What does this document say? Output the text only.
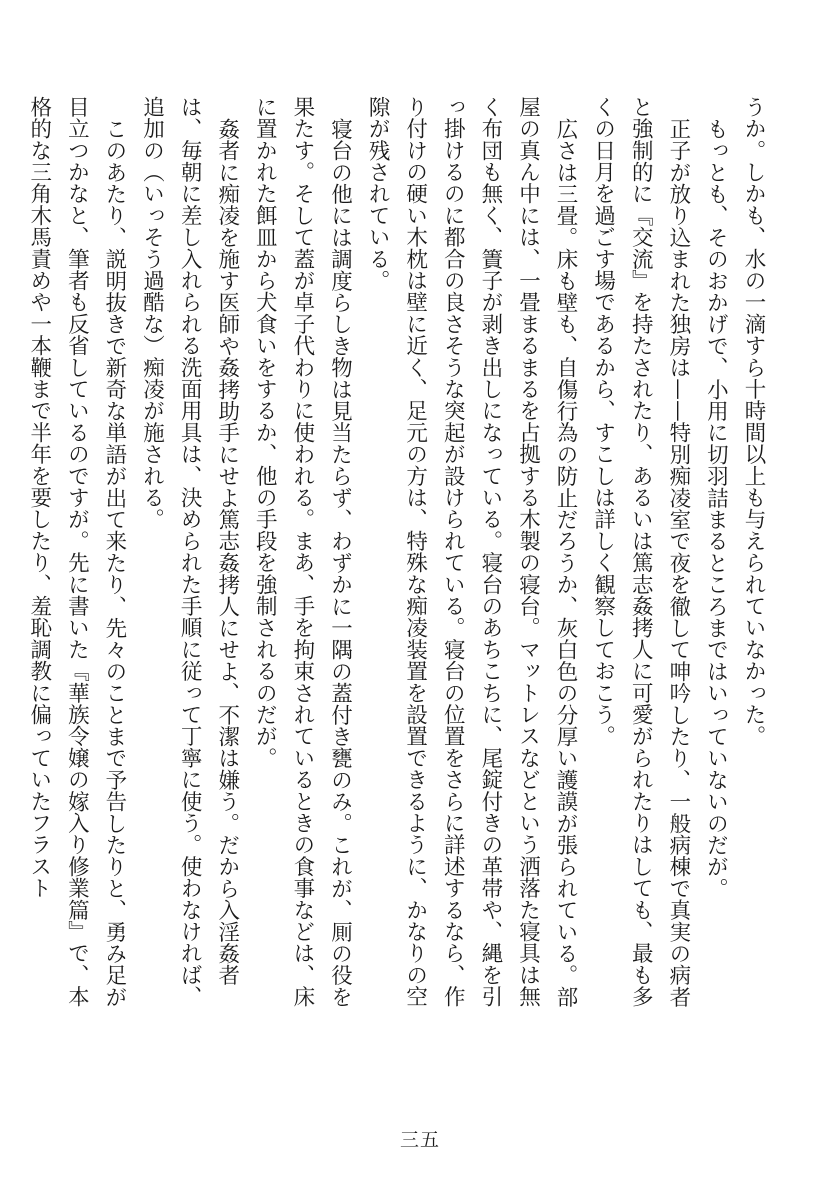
うか。しかも、水の一滴すら十時間以上も与えられていなかった。

もっとも、そのおかげで、小用に切羽詰まるところまではいっていないのだが。

正子が放り込まれた独房は——特別痴凌室で夜を徹して呻吟したり、一般病棟で真実の病者と強制的に『交流』を持たされたり、あるいは篤志姦拷人に可愛がられたりはしても、最も多くの日月を過ごす場であるから、すこしは詳しく観察しておこう。

広さは三畳。床も壁も、自傷行為の防止だろうか、灰白色の分厚い護謨が張られている。部屋の真ん中には、一畳まるまるを占拠する木製の寝台。マットレスなどという洒落た寝具は無く布団も無く、簀子が剥き出しになっている。寝台のあちこちに、尾錠付きの革帯や、縄を引っ掛けるのに都合の良さそうな突起が設けられている。寝台の位置をさらに詳述するなら、作り付けの硬い木枕は壁に近く、足元の方は、特殊な痴凌装置を設置できるように、かなりの空隙が残されている。

寝台の他には調度らしき物は見当たらず、わずかに一隅の蓋付き甕のみ。これが、厠の役を果たす。そして蓋が卓子代わりに使われる。まあ、手を拘束されているときの食事などは、床に置かれた餌皿から犬食いをするか、他の手段を強制されるのだが。

姦者に痴凌を施す医師や姦拷助手にせよ篤志姦拷人にせよ、不潔は嫌う。だから入淫姦者は、毎朝に差し入れられる洗面用具は、決められた手順に従って丁寧に使う。使わなければ、追加の（いっそう過酷な）痴凌が施される。

このあたり、説明抜きで新奇な単語が出て来たり、先々のことまで予告したりと、勇み足が目立つかなと、筆者も反省しているのですが。先に書いた『華族令嬢の嫁入り修業篇』で、本格的な三角木馬責めや一本鞭まで半年を要したり、羞恥調教に偏っていたフラスト

三五
